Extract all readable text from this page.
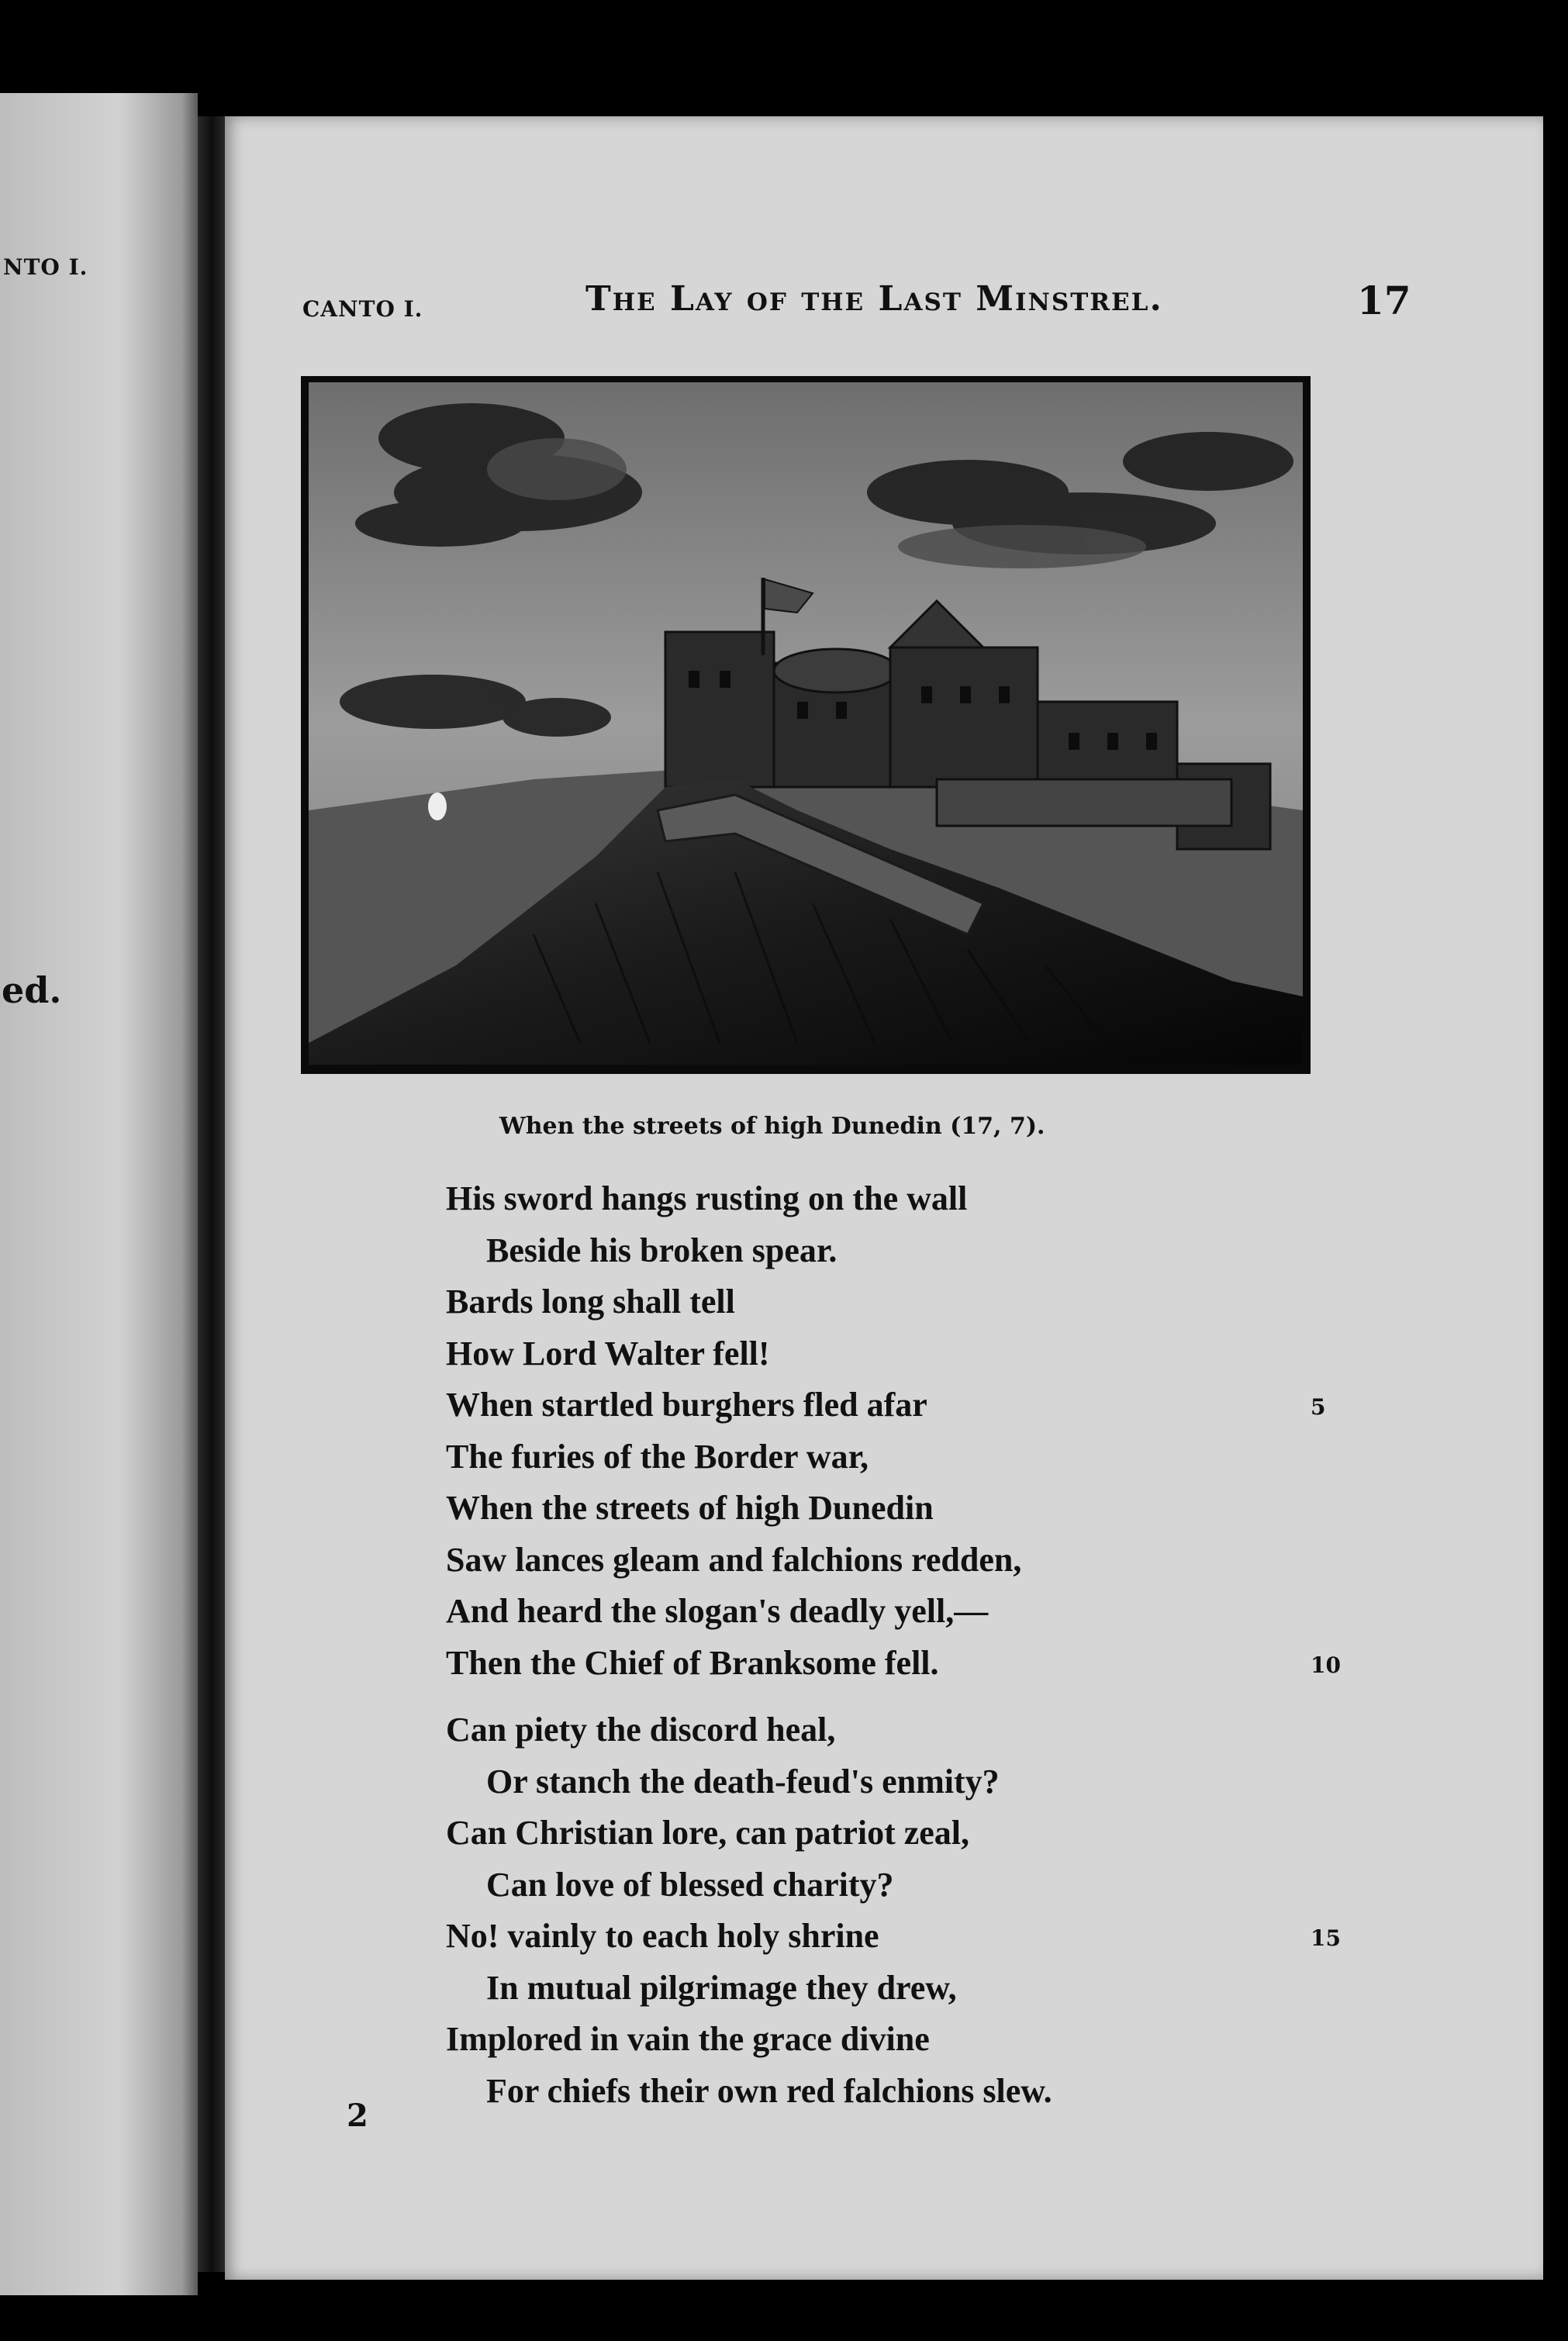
NTO I.
ed.
CANTO I.	The Lay of the Last Minstrel.	17
When the streets of high Dunedin (17, 7).
His sword hangs rusting on the wall
Beside his broken spear.
Bards long shall tell
How Lord Walter fell!
When startled burghers fled afar	5
The furies of the Border war,
When the streets of high Dunedin
Saw lances gleam and falchions redden,
And heard the slogan's deadly yell,—
Then the Chief of Branksome fell.	10
Can piety the discord heal,
Or stanch the death-feud's enmity?
Can Christian lore, can patriot zeal,
Can love of blessed charity?
No! vainly to each holy shrine	15
In mutual pilgrimage they drew,
Implored in vain the grace divine
For chiefs their own red falchions slew.
2
